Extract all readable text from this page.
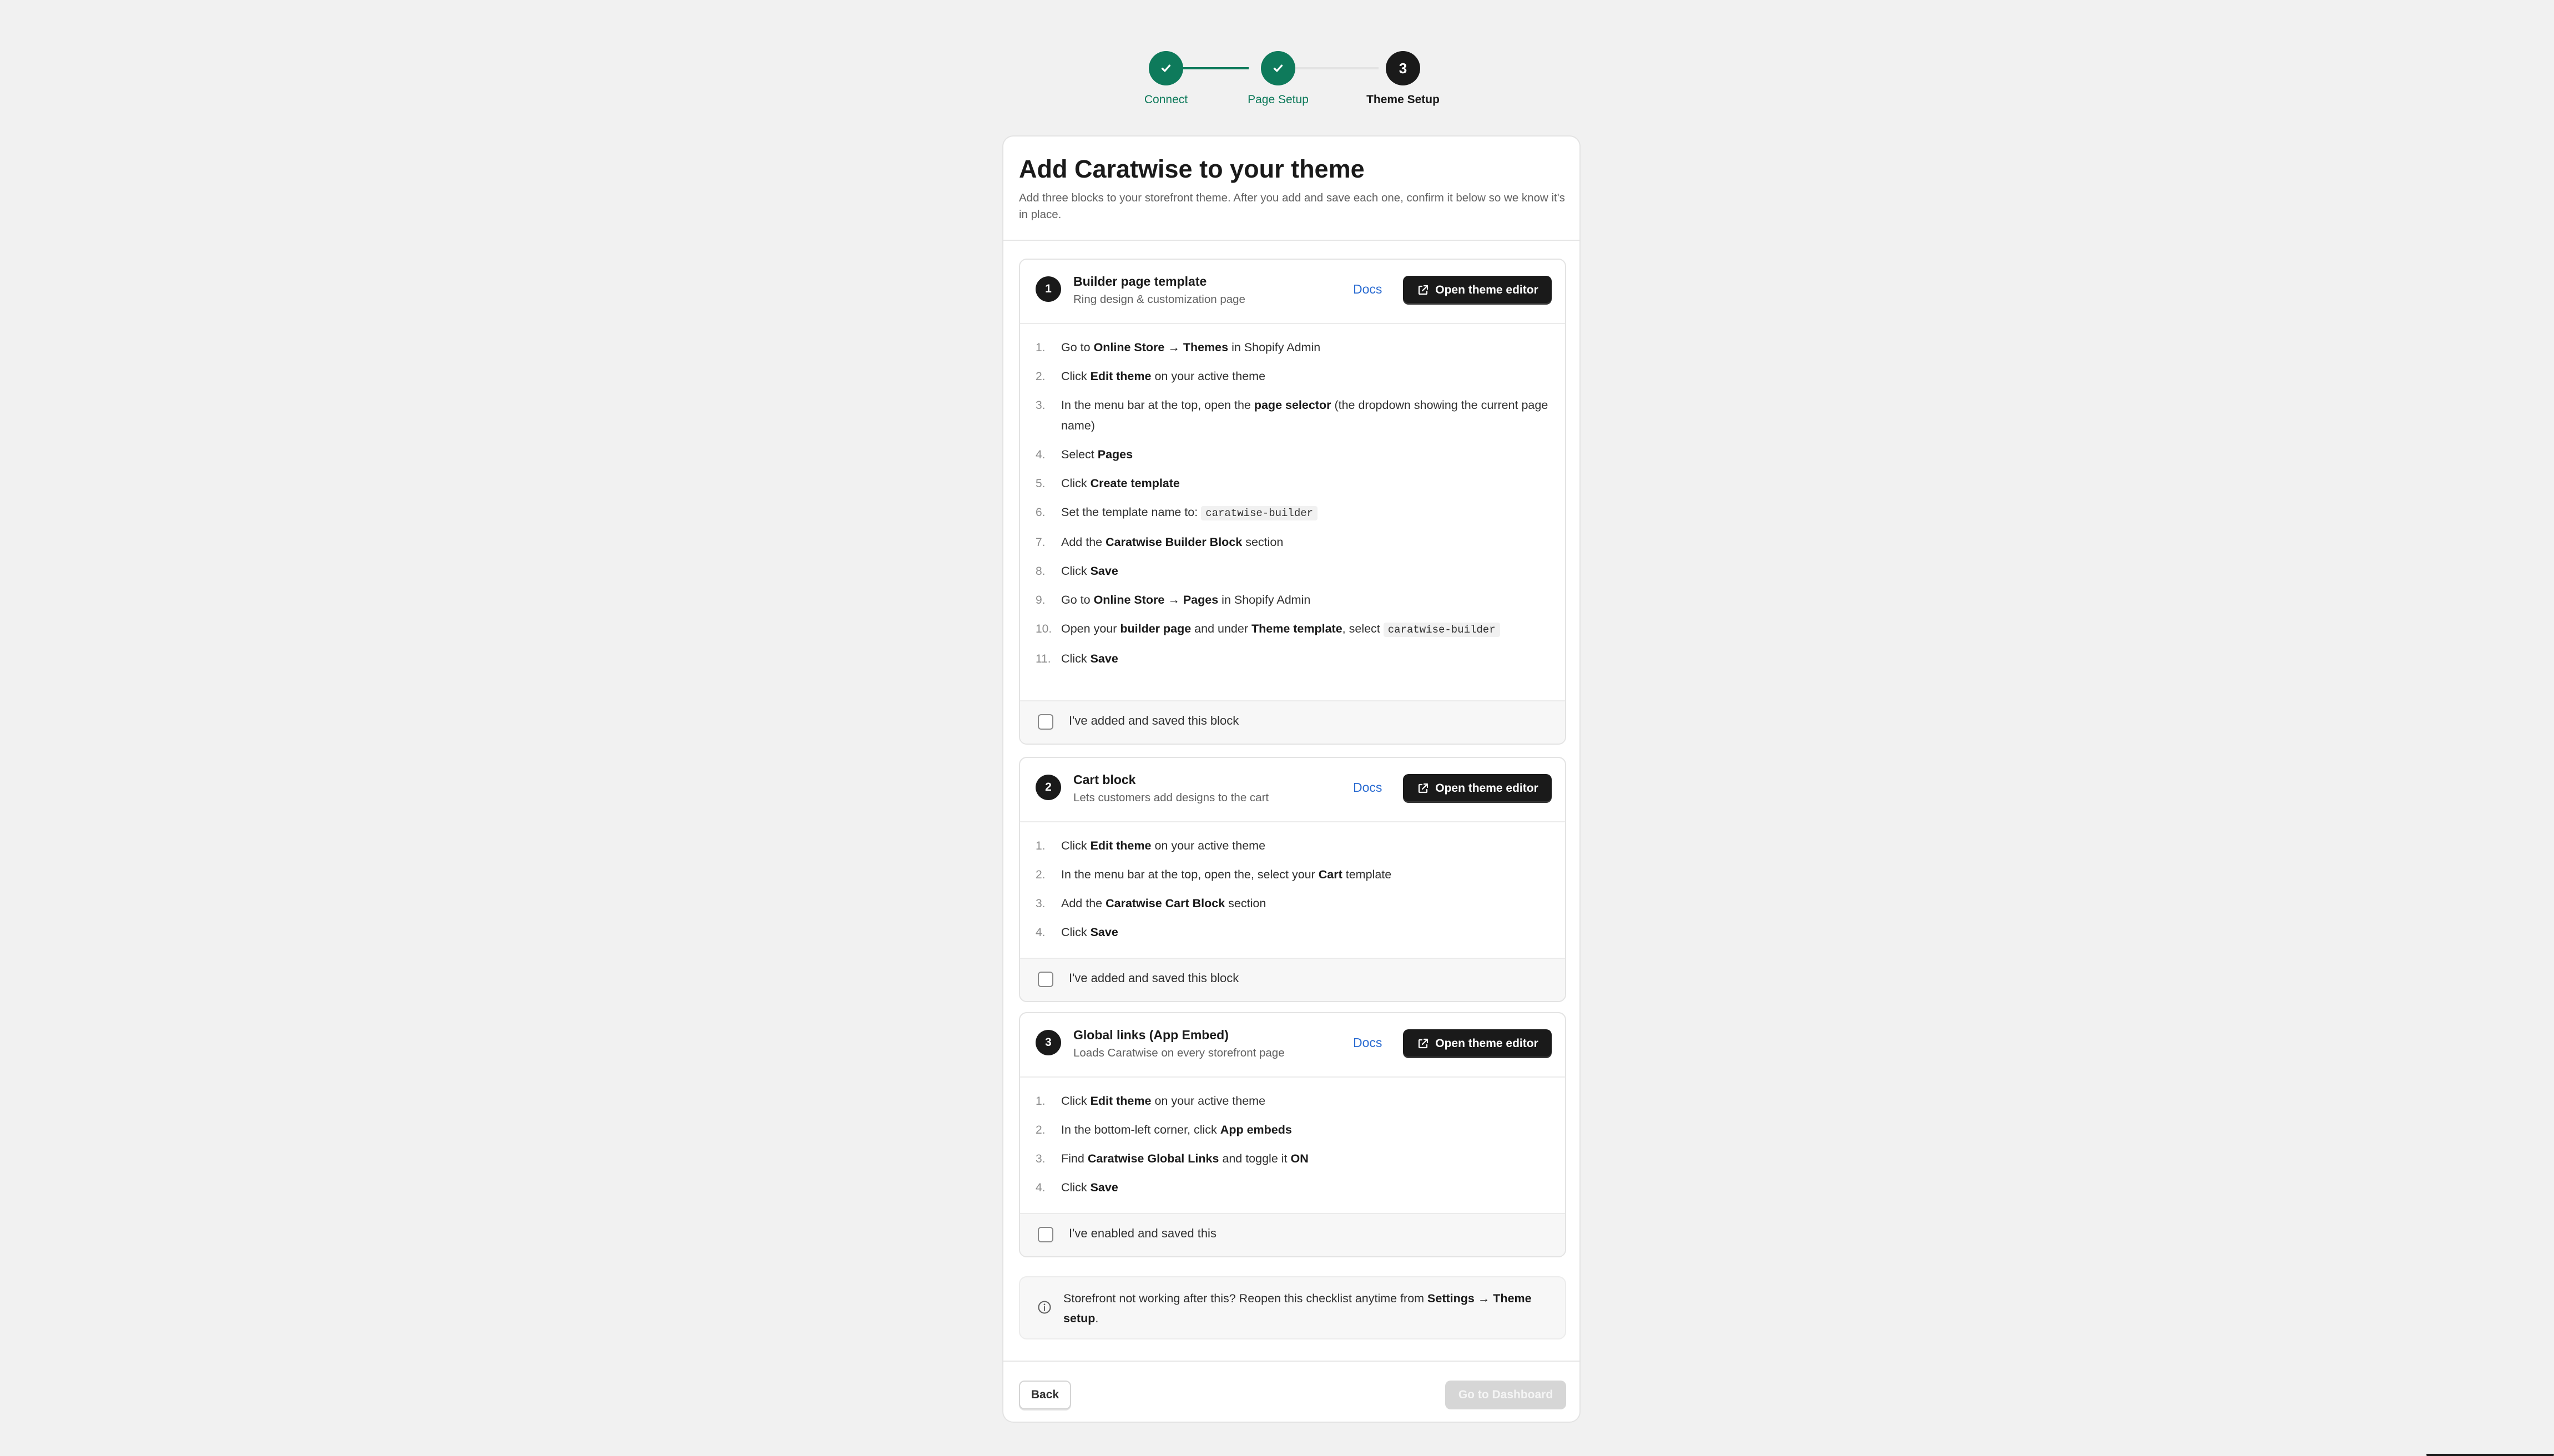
Connect	Page Setup
3
Theme Setup
Add Caratwise to your theme
Add three blocks to your storefront theme. After you add and save each one, confirm it below so we know it's in place.
1
Builder page template
Ring design & customization page
Docs	Open theme editor
1. Go to Online Store → Themes in Shopify Admin
2. Click Edit theme on your active theme
3. In the menu bar at the top, open the page selector (the dropdown showing the current page name)
4. Select Pages
5. Click Create template
6. Set the template name to: caratwise-builder
7. Add the Caratwise Builder Block section
8. Click Save
9. Go to Online Store → Pages in Shopify Admin
10. Open your builder page and under Theme template, select caratwise-builder
11. Click Save
I've added and saved this block
2
Cart block
Lets customers add designs to the cart
Docs	Open theme editor
1. Click Edit theme on your active theme
2. In the menu bar at the top, open the, select your Cart template
3. Add the Caratwise Cart Block section
4. Click Save
I've added and saved this block
3
Global links (App Embed)
Loads Caratwise on every storefront page
Docs	Open theme editor
1. Click Edit theme on your active theme
2. In the bottom-left corner, click App embeds
3. Find Caratwise Global Links and toggle it ON
4. Click Save
I've enabled and saved this
Storefront not working after this? Reopen this checklist anytime from Settings → Theme setup.
Back	Go to Dashboard
